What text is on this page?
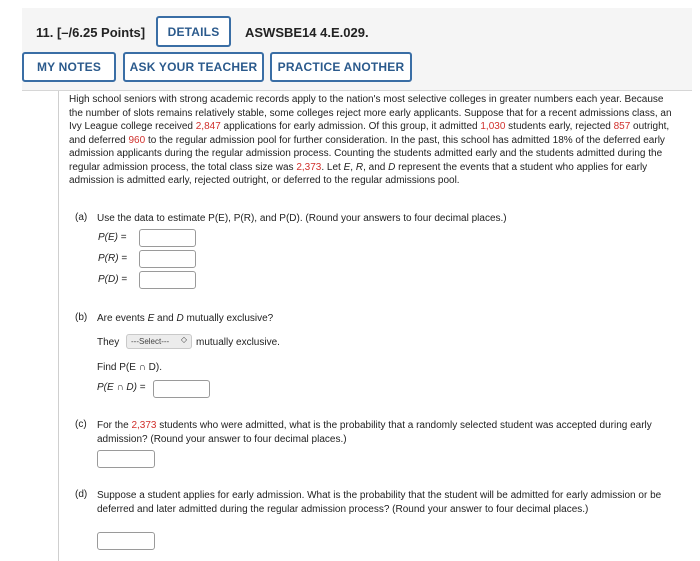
11. [–/6.25 Points]	DETAILS	ASWSBE14 4.E.029.
MY NOTES	ASK YOUR TEACHER	PRACTICE ANOTHER
High school seniors with strong academic records apply to the nation's most selective colleges in greater numbers each year. Because the number of slots remains relatively stable, some colleges reject more early applicants. Suppose that for a recent admissions class, an Ivy League college received 2,847 applications for early admission. Of this group, it admitted 1,030 students early, rejected 857 outright, and deferred 960 to the regular admission pool for further consideration. In the past, this school has admitted 18% of the deferred early admission applicants during the regular admission process. Counting the students admitted early and the students admitted during the regular admission process, the total class size was 2,373. Let E, R, and D represent the events that a student who applies for early admission is admitted early, rejected outright, or deferred to the regular admissions pool.
(a) Use the data to estimate P(E), P(R), and P(D). (Round your answers to four decimal places.)
P(E) =
P(R) =
P(D) =
(b) Are events E and D mutually exclusive?
They ---Select--- ◇ mutually exclusive.
Find P(E ∩ D).
P(E ∩ D) =
(c) For the 2,373 students who were admitted, what is the probability that a randomly selected student was accepted during early admission? (Round your answer to four decimal places.)
(d) Suppose a student applies for early admission. What is the probability that the student will be admitted for early admission or be deferred and later admitted during the regular admission process? (Round your answer to four decimal places.)
